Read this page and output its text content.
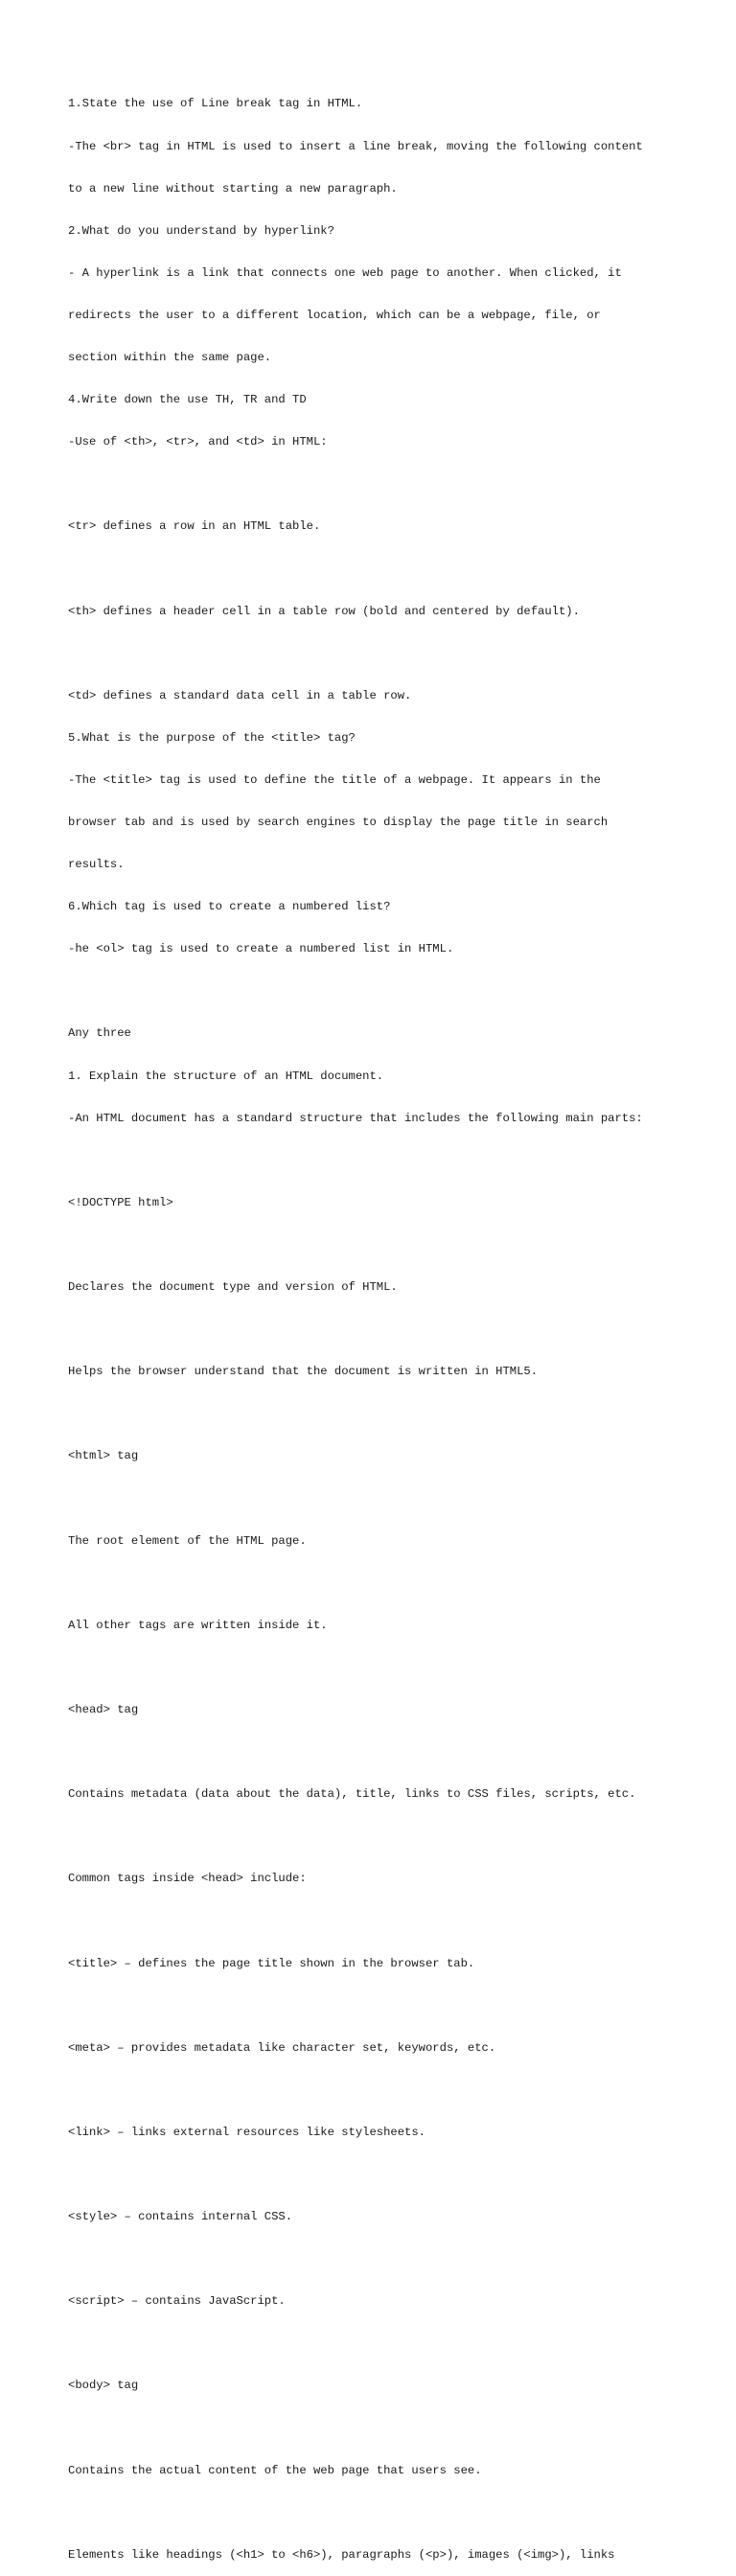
1.State the use of Line break tag in HTML.

-The <br> tag in HTML is used to insert a line break, moving the following content

to a new line without starting a new paragraph.

2.What do you understand by hyperlink?

- A hyperlink is a link that connects one web page to another. When clicked, it

redirects the user to a different location, which can be a webpage, file, or

section within the same page.

4.Write down the use TH, TR and TD

-Use of <th>, <tr>, and <td> in HTML:

<tr> defines a row in an HTML table.

<th> defines a header cell in a table row (bold and centered by default).

<td> defines a standard data cell in a table row.

5.What is the purpose of the <title> tag?

-The <title> tag is used to define the title of a webpage. It appears in the

browser tab and is used by search engines to display the page title in search

results.

6.Which tag is used to create a numbered list?

-he <ol> tag is used to create a numbered list in HTML.

Any three

1. Explain the structure of an HTML document.

-An HTML document has a standard structure that includes the following main parts:

<!DOCTYPE html>

Declares the document type and version of HTML.

Helps the browser understand that the document is written in HTML5.

<html> tag

The root element of the HTML page.

All other tags are written inside it.

<head> tag

Contains metadata (data about the data), title, links to CSS files, scripts, etc.

Common tags inside <head> include:

<title> – defines the page title shown in the browser tab.

<meta> – provides metadata like character set, keywords, etc.

<link> – links external resources like stylesheets.

<style> – contains internal CSS.

<script> – contains JavaScript.

<body> tag

Contains the actual content of the web page that users see.

Elements like headings (<h1> to <h6>), paragraphs (<p>), images (<img>), links
